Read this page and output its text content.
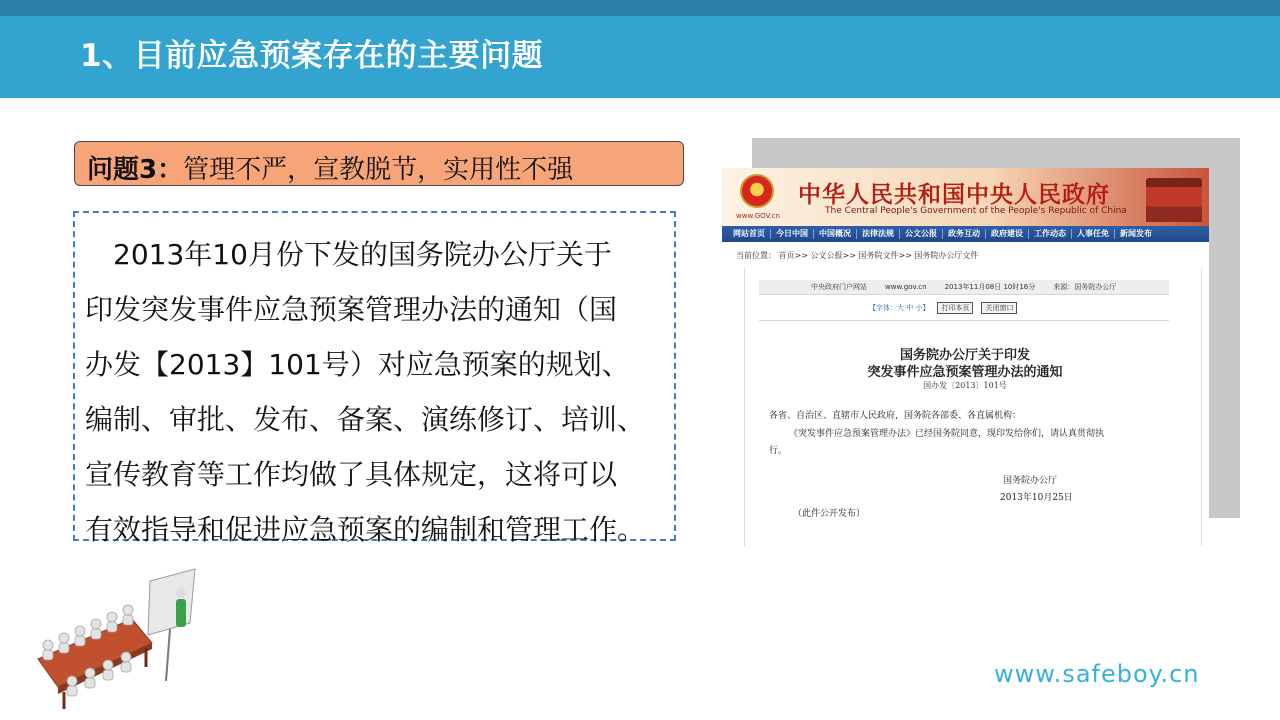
1、目前应急预案存在的主要问题
问题3：管理不严，宣教脱节，实用性不强
　2013年10月份下发的国务院办公厅关于
印发突发事件应急预案管理办法的通知（国
办发【2013】101号）对应急预案的规划、
编制、审批、发布、备案、演练修订、培训、
宣传教育等工作均做了具体规定，这将可以
有效指导和促进应急预案的编制和管理工作。
www.GOV.cn
中华人民共和国中央人民政府
The Central People's Government of the People's Republic of China
网站首页	今日中国	中国概况	法律法规	公文公报	政务互动	政府建设	工作动态	人事任免	新闻发布
当前位置： 首页>> 公文公报>> 国务院文件>> 国务院办公厅文件
中央政府门户网站	www.gov.cn	2013年11月08日 10时16分	来源：国务院办公厅
【字体：大 中 小】	打印本页	关闭窗口
国务院办公厅关于印发
突发事件应急预案管理办法的通知
国办发〔2013〕101号
各省、自治区、直辖市人民政府，国务院各部委、各直属机构：
《突发事件应急预案管理办法》已经国务院同意，现印发给你们，请认真贯彻执
行。
国务院办公厅
2013年10月25日
（此件公开发布）
www.safeboy.cn
